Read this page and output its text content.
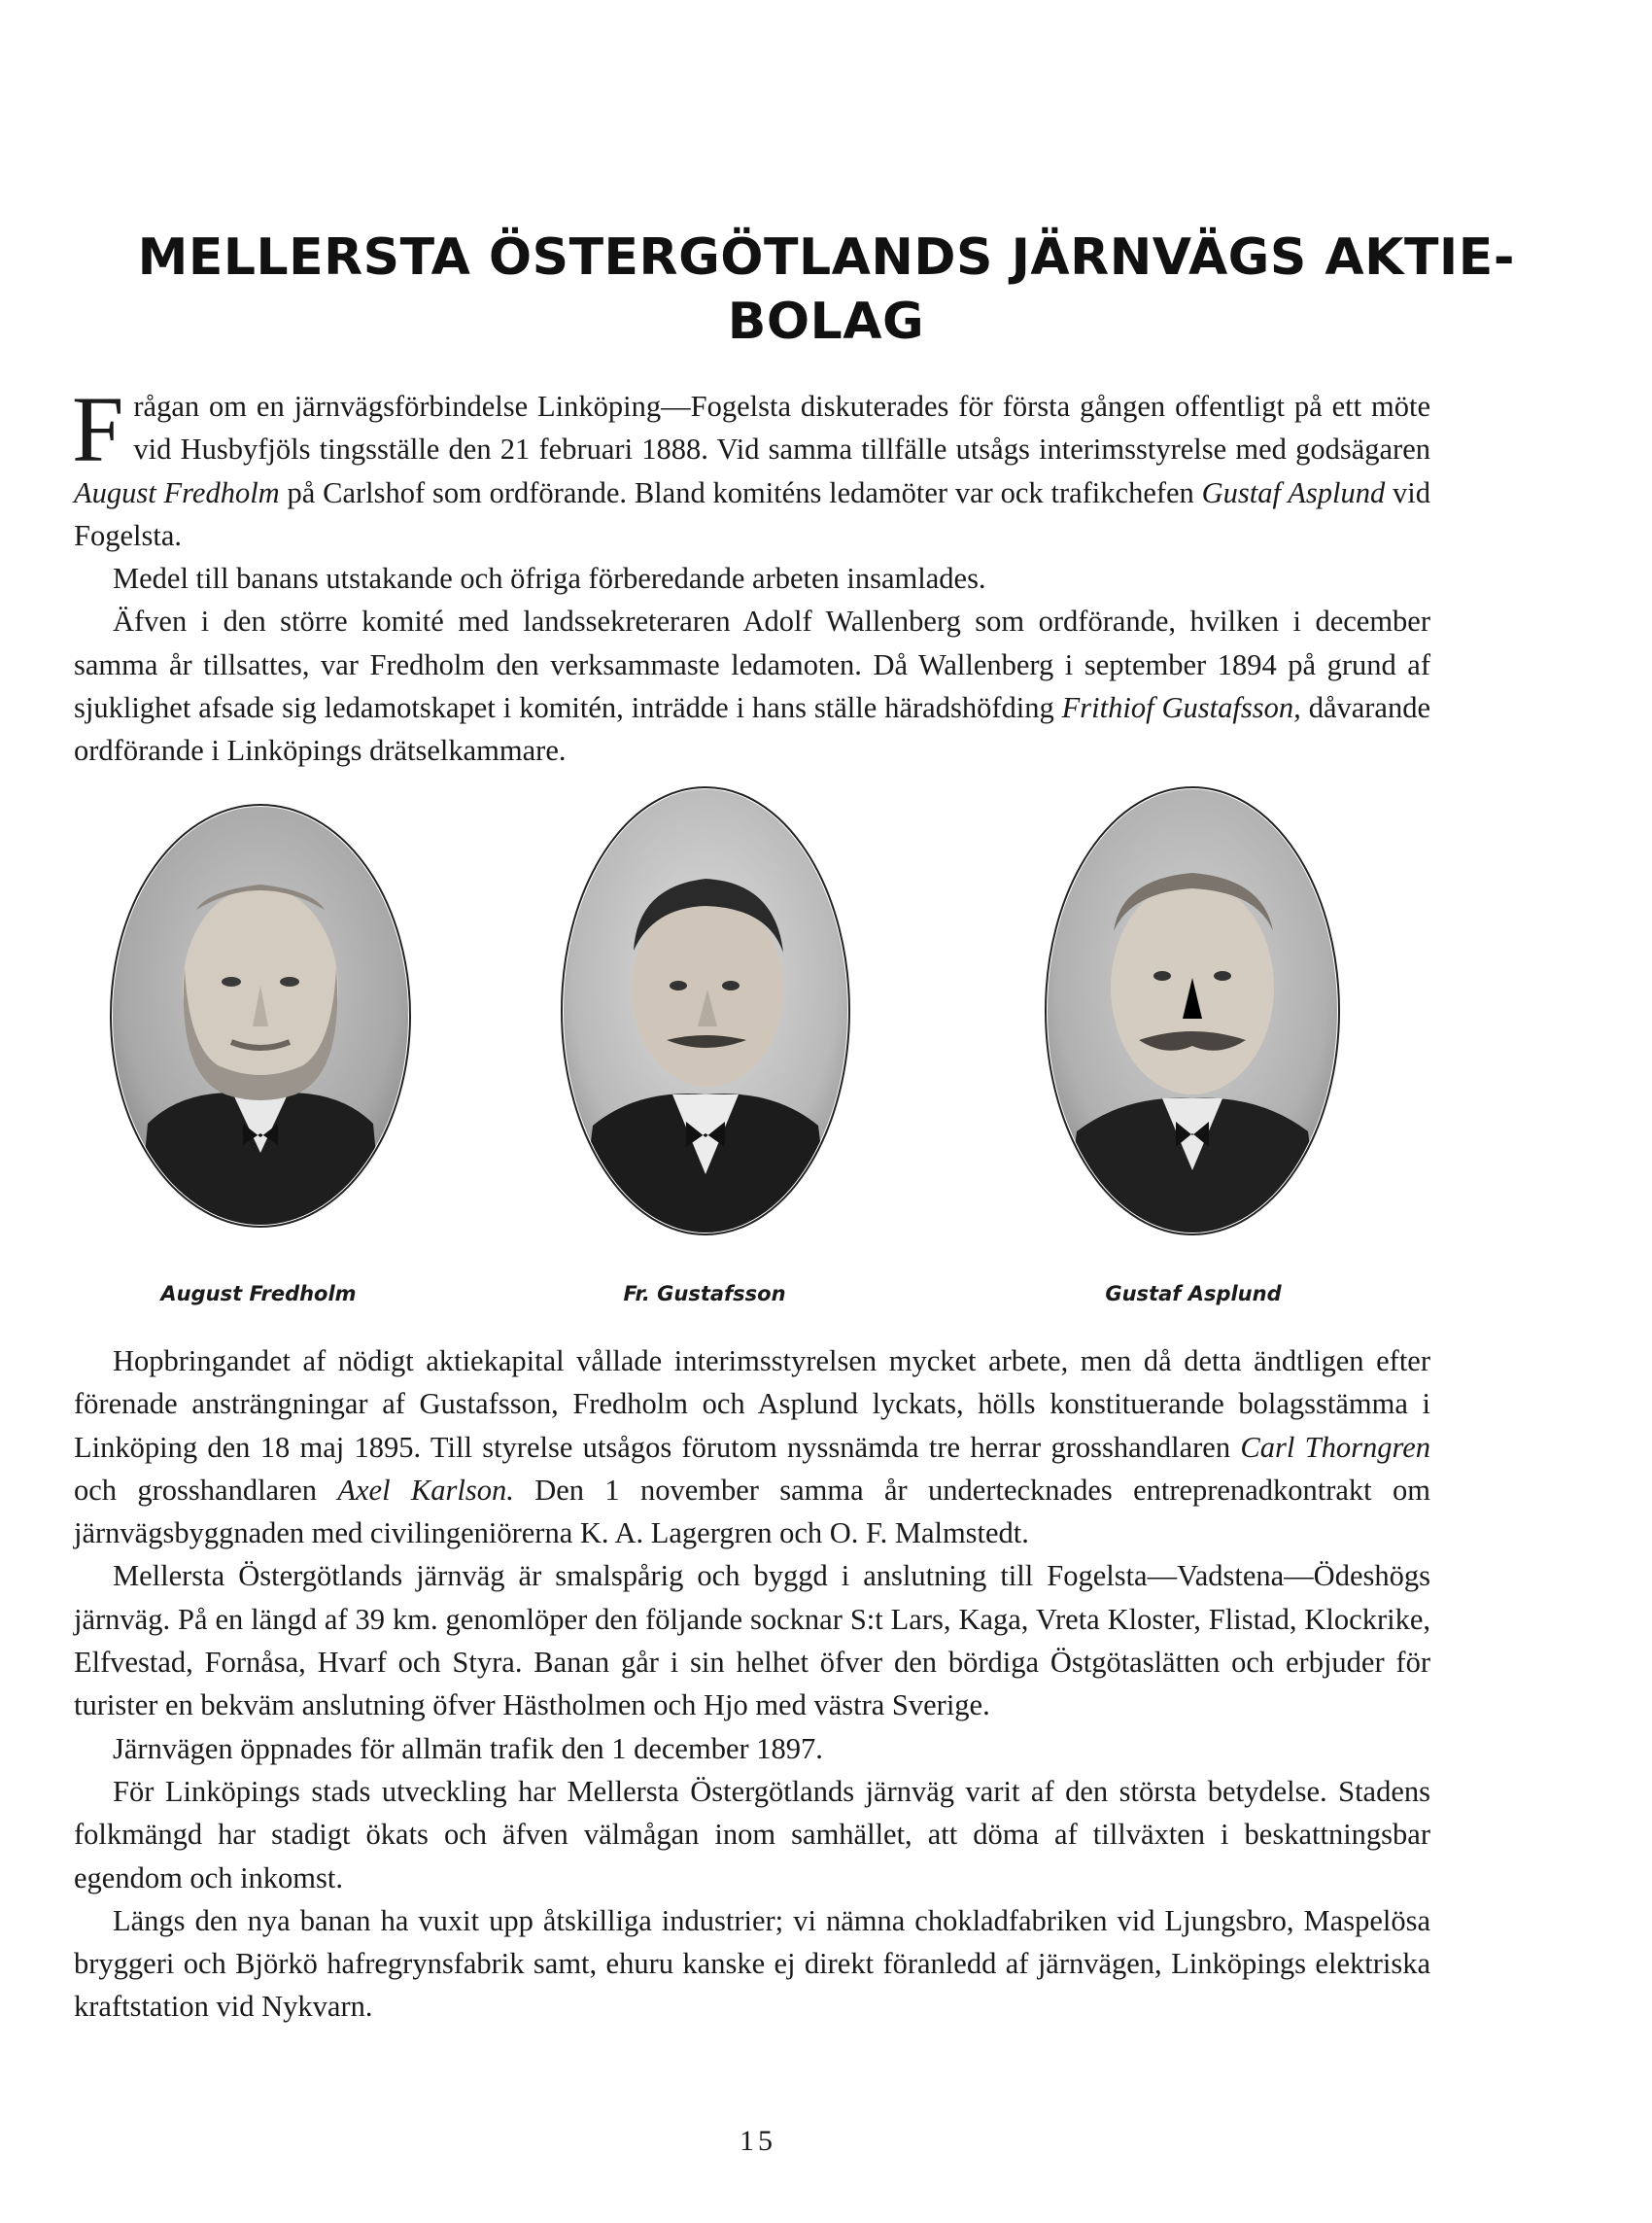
MELLERSTA ÖSTERGÖTLANDS JÄRNVÄGS AKTIEBOLAG

Frågan om en järnvägsförbindelse Linköping—Fogelsta diskuterades för första gången offentligt på ett möte vid Husbyfjöls tingsställe den 21 februari 1888. Vid samma tillfälle utsågs interimsstyrelse med godsägaren August Fredholm på Carlshof som ordförande. Bland komiténs ledamöter var ock trafikchefen Gustaf Asplund vid Fogelsta.

Medel till banans utstakande och öfriga förberedande arbeten insamlades.

Äfven i den större komité med landssekreteraren Adolf Wallenberg som ordförande, hvilken i december samma år tillsattes, var Fredholm den verksammaste ledamoten. Då Wallenberg i september 1894 på grund af sjuklighet afsade sig ledamotskapet i komitén, inträdde i hans ställe häradshöfding Frithiof Gustafsson, dåvarande ordförande i Linköpings drätselkammare.

August Fredholm	Fr. Gustafsson	Gustaf Asplund

Hopbringandet af nödigt aktiekapital vållade interimsstyrelsen mycket arbete, men då detta ändtligen efter förenade ansträngningar af Gustafsson, Fredholm och Asplund lyckats, hölls konstituerande bolagsstämma i Linköping den 18 maj 1895. Till styrelse utsågos förutom nyssnämda tre herrar grosshandlaren Carl Thorngren och grosshandlaren Axel Karlson. Den 1 november samma år undertecknades entreprenadkontrakt om järnvägsbyggnaden med civilingeniörerna K. A. Lagergren och O. F. Malmstedt.

Mellersta Östergötlands järnväg är smalspårig och byggd i anslutning till Fogelsta—Vadstena—Ödeshögs järnväg. På en längd af 39 km. genomlöper den följande socknar S:t Lars, Kaga, Vreta Kloster, Flistad, Klockrike, Elfvestad, Fornåsa, Hvarf och Styra. Banan går i sin helhet öfver den bördiga Östgötaslätten och erbjuder för turister en bekväm anslutning öfver Hästholmen och Hjo med västra Sverige.

Järnvägen öppnades för allmän trafik den 1 december 1897.

För Linköpings stads utveckling har Mellersta Östergötlands järnväg varit af den största betydelse. Stadens folkmängd har stadigt ökats och äfven välmågan inom samhället, att döma af tillväxten i beskattningsbar egendom och inkomst.

Längs den nya banan ha vuxit upp åtskilliga industrier; vi nämna chokladfabriken vid Ljungsbro, Maspelösa bryggeri och Björkö hafregrynsfabrik samt, ehuru kanske ej direkt föranledd af järnvägen, Linköpings elektriska kraftstation vid Nykvarn.

15
